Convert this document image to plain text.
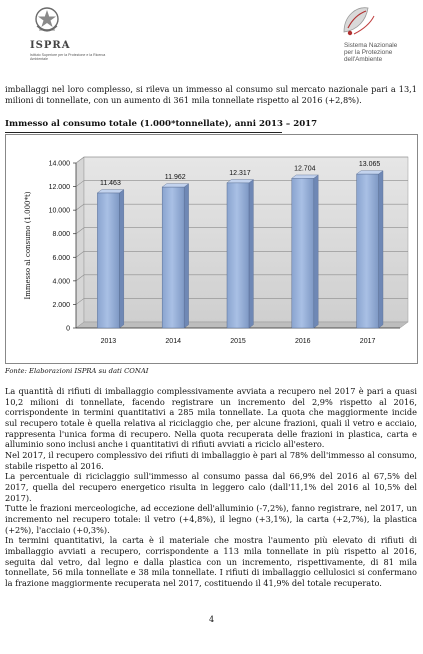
ISPRA
Istituto Superiore per la Protezione e la Ricerca Ambientale
Sistema Nazionale
per la Protezione
dell'Ambiente
imballaggi nel loro complesso, si rileva un immesso al consumo sul mercato nazionale pari a 13,1 milioni di tonnellate, con un aumento di 361 mila tonnellate rispetto al 2016 (+2,8%).
Immesso al consumo totale (1.000*tonnellate), anni 2013 – 2017
0
2.000
4.000
6.000
8.000
10.000
12.000
14.000
Immesso al consumo (1.000*t)
11.463
2013
11.962
2014
12.317
2015
12.704
2016
13.065
2017
Fonte: Elaborazioni ISPRA su dati CONAI

La quantità di rifiuti di imballaggio complessivamente avviata a recupero nel 2017 è pari a quasi 10,2 milioni di tonnellate, facendo registrare un incremento del 2,9% rispetto al 2016, corrispondente in termini quantitativi a 285 mila tonnellate. La quota che maggiormente incide sul recupero totale è quella relativa al riciclaggio che, per alcune frazioni, quali il vetro e acciaio, rappresenta l'unica forma di recupero. Nella quota recuperata delle frazioni in plastica, carta e alluminio sono inclusi anche i quantitativi di rifiuti avviati a riciclo all'estero.

Nel 2017, il recupero complessivo dei rifiuti di imballaggio è pari al 78% dell'immesso al consumo, stabile rispetto al 2016.

La percentuale di riciclaggio sull'immesso al consumo passa dal 66,9% del 2016 al 67,5% del 2017, quella del recupero energetico risulta in leggero calo (dall'11,1% del 2016 al 10,5% del 2017).

Tutte le frazioni merceologiche, ad eccezione dell'alluminio (-7,2%), fanno registrare, nel 2017, un incremento nel recupero totale: il vetro (+4,8%), il legno (+3,1%), la carta (+2,7%), la plastica (+2%), l'acciaio (+0,3%).

In termini quantitativi, la carta è il materiale che mostra l'aumento più elevato di rifiuti di imballaggio avviati a recupero, corrispondente a 113 mila tonnellate in più rispetto al 2016, seguita dal vetro, dal legno e dalla plastica con un incremento, rispettivamente, di 81 mila tonnellate, 56 mila tonnellate e 38 mila tonnellate. I rifiuti di imballaggio cellulosici si confermano la frazione maggiormente recuperata nel 2017, costituendo il 41,9% del totale recuperato.

4
